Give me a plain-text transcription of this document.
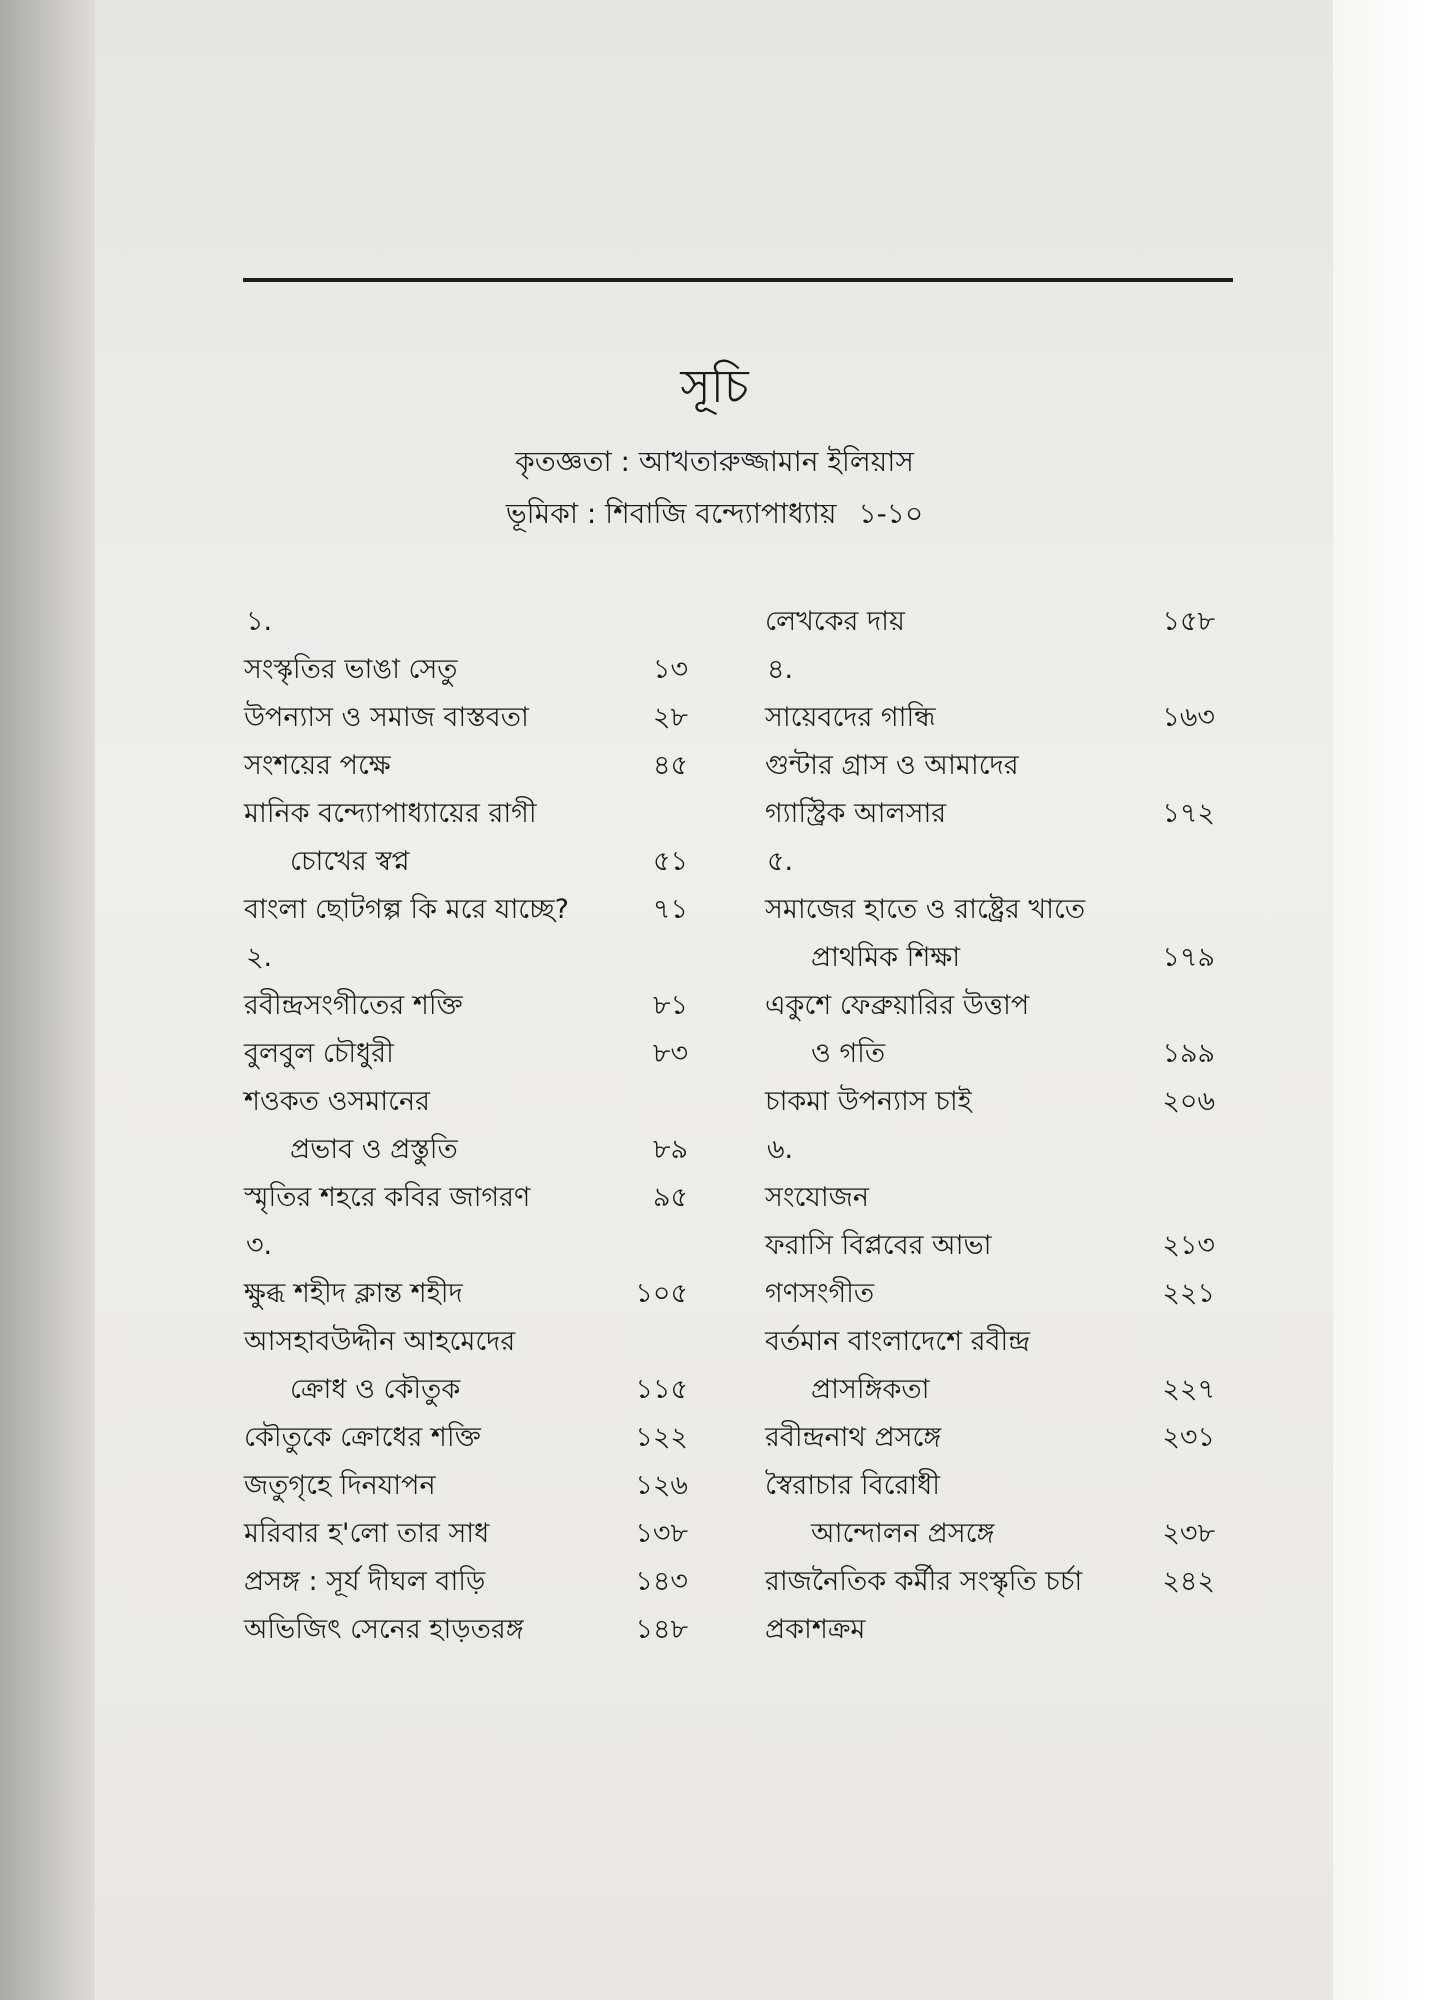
সূচি
কৃতজ্ঞতা : আখতারুজ্জামান ইলিয়াস
ভূমিকা : শিবাজি বন্দ্যোপাধ্যায় ১-১০
১.
সংস্কৃতির ভাঙা সেতু	১৩
উপন্যাস ও সমাজ বাস্তবতা	২৮
সংশয়ের পক্ষে	৪৫
মানিক বন্দ্যোপাধ্যায়ের রাগী
চোখের স্বপ্ন	৫১
বাংলা ছোটগল্প কি মরে যাচ্ছে?	৭১
২.
রবীন্দ্রসংগীতের শক্তি	৮১
বুলবুল চৌধুরী	৮৩
শওকত ওসমানের
প্রভাব ও প্রস্তুতি	৮৯
স্মৃতির শহরে কবির জাগরণ	৯৫
৩.
ক্ষুব্ধ শহীদ ক্লান্ত শহীদ	১০৫
আসহাবউদ্দীন আহমেদের
ক্রোধ ও কৌতুক	১১৫
কৌতুকে ক্রোধের শক্তি	১২২
জতুগৃহে দিনযাপন	১২৬
মরিবার হ'লো তার সাধ	১৩৮
প্রসঙ্গ : সূর্য দীঘল বাড়ি	১৪৩
অভিজিৎ সেনের হাড়তরঙ্গ	১৪৮
লেখকের দায়	১৫৮
৪.
সায়েবদের গান্ধি	১৬৩
গুন্টার গ্রাস ও আমাদের
গ্যাস্ট্রিক আলসার	১৭২
৫.
সমাজের হাতে ও রাষ্ট্রের খাতে
প্রাথমিক শিক্ষা	১৭৯
একুশে ফেব্রুয়ারির উত্তাপ
ও গতি	১৯৯
চাকমা উপন্যাস চাই	২০৬
৬.
সংযোজন
ফরাসি বিপ্লবের আভা	২১৩
গণসংগীত	২২১
বর্তমান বাংলাদেশে রবীন্দ্র
প্রাসঙ্গিকতা	২২৭
রবীন্দ্রনাথ প্রসঙ্গে	২৩১
স্বৈরাচার বিরোধী
আন্দোলন প্রসঙ্গে	২৩৮
রাজনৈতিক কর্মীর সংস্কৃতি চর্চা	২৪২
প্রকাশক্রম
